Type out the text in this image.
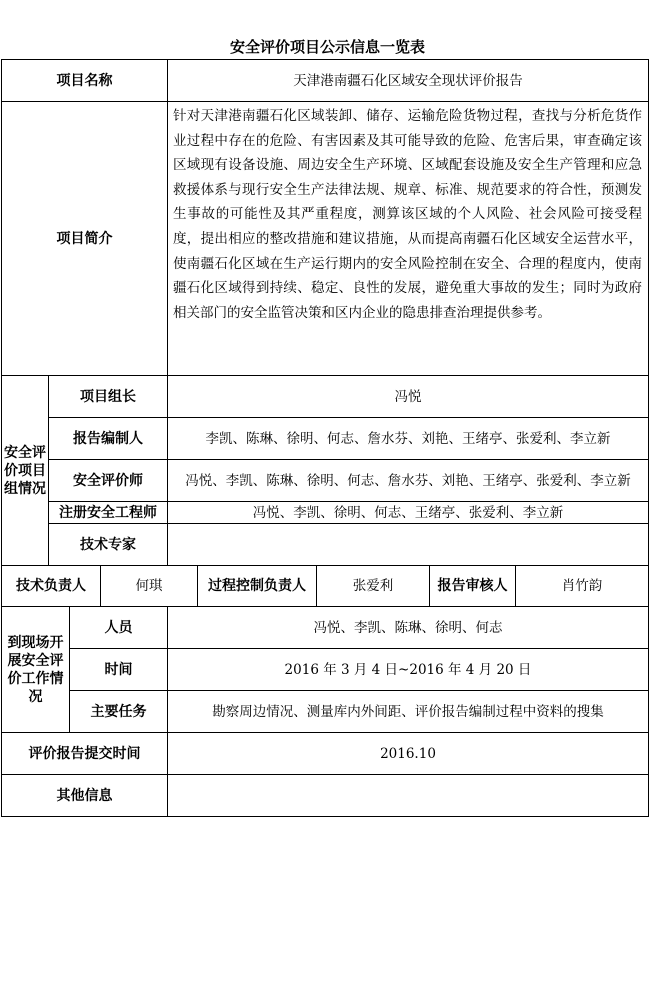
安全评价项目公示信息一览表
项目名称				天津港南疆石化区域安全现状评价报告				
项目简介				针对天津港南疆石化区域装卸、储存、运输危险货物过程，查找与分析危货作业过程中存在的危险、有害因素及其可能导致的危险、危害后果，审查确定该区域现有设备设施、周边安全生产环境、区域配套设施及安全生产管理和应急救援体系与现行安全生产法律法规、规章、标准、规范要求的符合性，预测发生事故的可能性及其严重程度，测算该区域的个人风险、社会风险可接受程度，提出相应的整改措施和建议措施，从而提高南疆石化区域安全运营水平，使南疆石化区域在生产运行期内的安全风险控制在安全、合理的程度内，使南疆石化区域得到持续、稳定、良性的发展，避免重大事故的发生；同时为政府相关部门的安全监管决策和区内企业的隐患排查治理提供参考。				
安全评价项目组情况	项目组长			冯悦				
	报告编制人			李凯、陈琳、徐明、何志、詹水芬、刘艳、王绪亭、张爱利、李立新				
	安全评价师			冯悦、李凯、陈琳、徐明、何志、詹水芬、刘艳、王绪亭、张爱利、李立新				
	注册安全工程师			冯悦、李凯、徐明、何志、王绪亭、张爱利、李立新				
	技术专家							
技术负责人			何琪		过程控制负责人	张爱利	报告审核人	肖竹韵
到现场开展安全评价工作情况		人员		冯悦、李凯、陈琳、徐明、何志				
		时间		2016 年 3 月 4 日~2016 年 4 月 20 日				
		主要任务		勘察周边情况、测量库内外间距、评价报告编制过程中资料的搜集				
评价报告提交时间				2016.10				
其他信息								
